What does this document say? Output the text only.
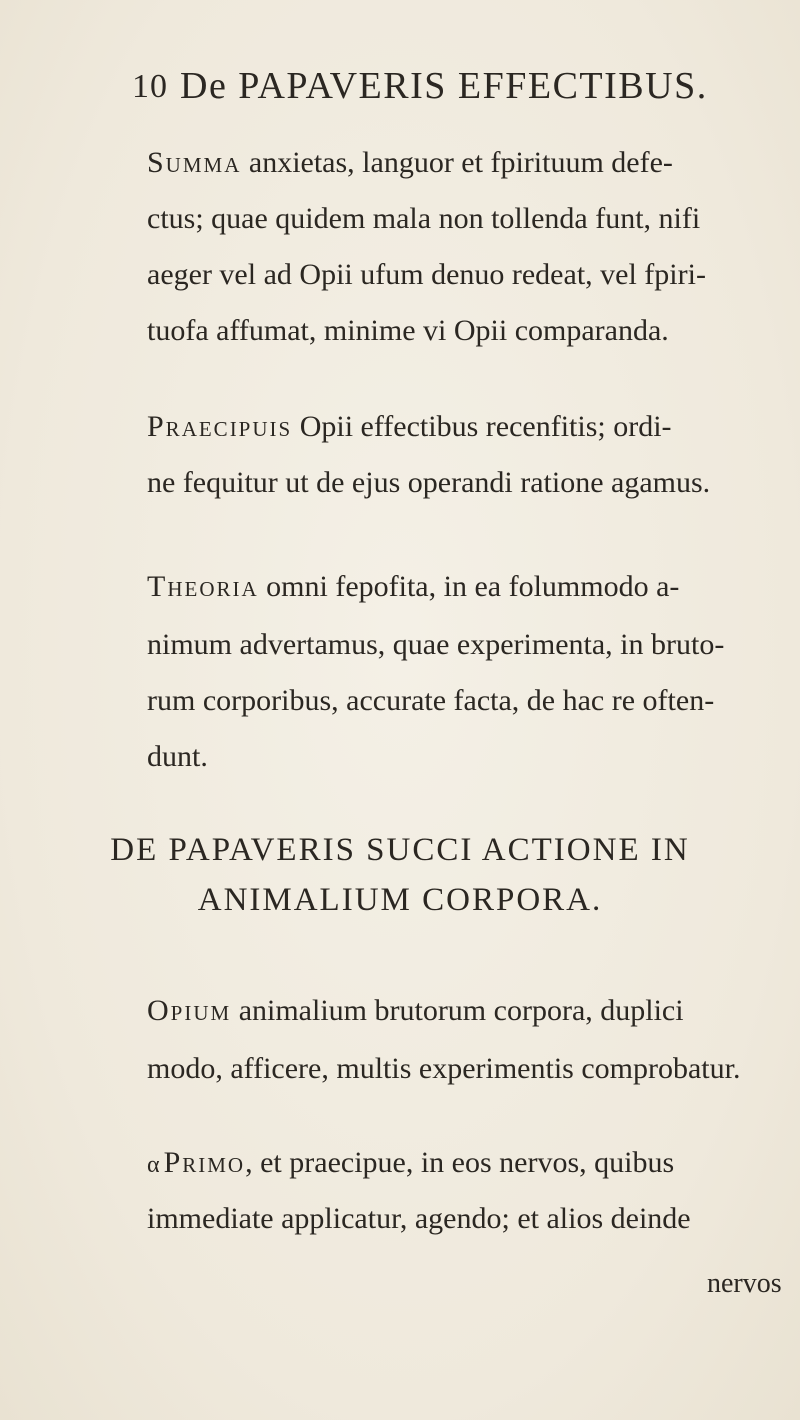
10 De PAPAVERIS EFFECTIBUS.
Summa anxietas, languor et fpirituum defe-
ctus; quae quidem mala non tollenda funt, nifi
aeger vel ad Opii ufum denuo redeat, vel fpiri-
tuofa affumat, minime vi Opii comparanda.
Praecipuis Opii effectibus recenfitis; ordi-
ne fequitur ut de ejus operandi ratione agamus.
Theoria omni fepofita, in ea folummodo a-
nimum advertamus, quae experimenta, in bruto-
rum corporibus, accurate facta, de hac re often-
dunt.
DE PAPAVERIS SUCCI ACTIONE IN
ANIMALIUM CORPORA.
Opium animalium brutorum corpora, duplici
modo, afficere, multis experimentis comprobatur.
α Primo, et praecipue, in eos nervos, quibus
immediate applicatur, agendo; et alios deinde
nervos
